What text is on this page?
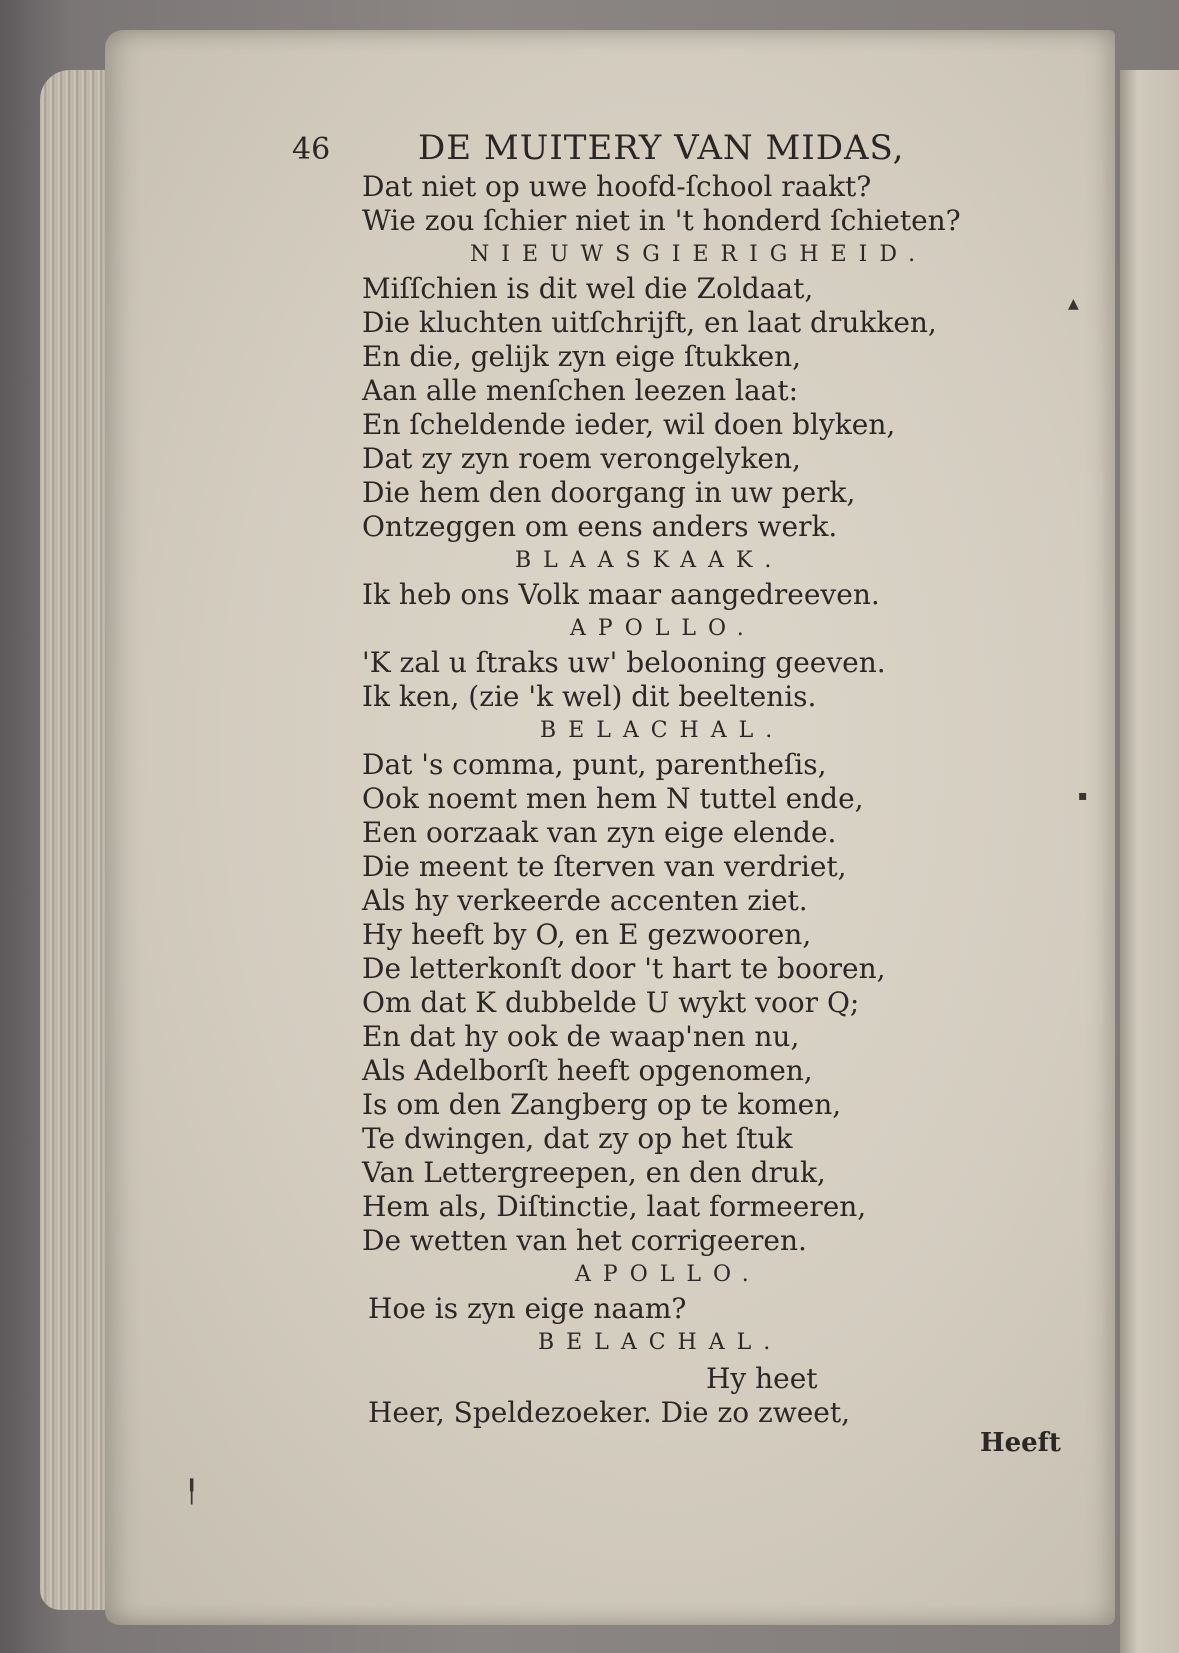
46	DE MUITERY VAN MIDAS,
Dat niet op uwe hoofd-ſchool raakt?
Wie zou ſchier niet in 't honderd ſchieten?
NIEUWSGIERIGHEID.
Miſſchien is dit wel die Zoldaat,
Die kluchten uitſchrijft, en laat drukken,
En die, gelijk zyn eige ſtukken,
Aan alle menſchen leezen laat:
En ſcheldende ieder, wil doen blyken,
Dat zy zyn roem verongelyken,
Die hem den doorgang in uw perk,
Ontzeggen om eens anders werk.
BLAASKAAK.
Ik heb ons Volk maar aangedreeven.
APOLLO.
'K zal u ſtraks uw' belooning geeven.
Ik ken, (zie 'k wel) dit beeltenis.
BELACHAL.
Dat 's comma, punt, parentheſis,
Ook noemt men hem N tuttel ende,
Een oorzaak van zyn eige elende.
Die meent te ſterven van verdriet,
Als hy verkeerde accenten ziet.
Hy heeft by O, en E gezwooren,
De letterkonſt door 't hart te booren,
Om dat K dubbelde U wykt voor Q;
En dat hy ook de waap'nen nu,
Als Adelborſt heeft opgenomen,
Is om den Zangberg op te komen,
Te dwingen, dat zy op het ſtuk
Van Lettergreepen, en den druk,
Hem als, Diſtinctie, laat formeeren,
De wetten van het corrigeeren.
APOLLO.
Hoe is zyn eige naam?
BELACHAL.
Hy heet
Heer, Speldezoeker. Die zo zweet,
Heeft
▲
▪
╿
